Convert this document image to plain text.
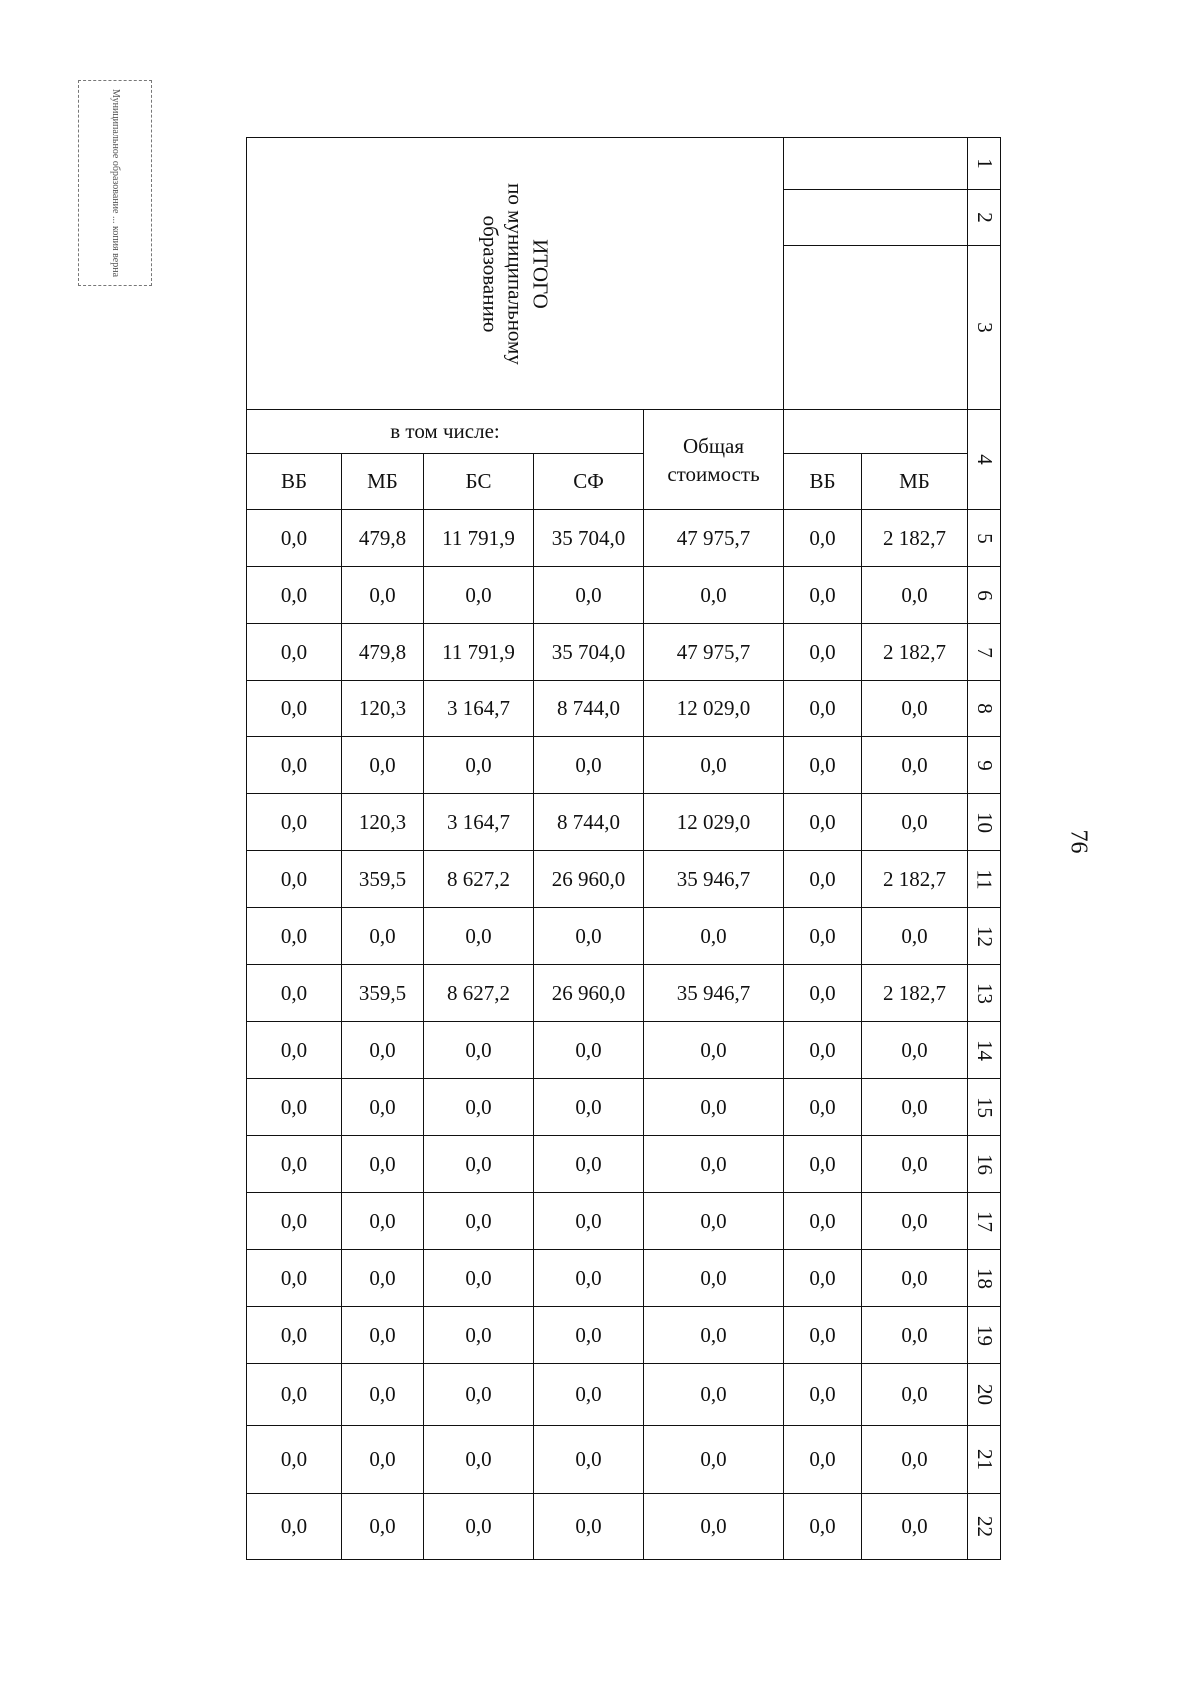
Муниципальное образование ... копия верна
76
ИТОГО
по муниципальному
образованию							1
							2
							3
в том числе:				Общая
стоимость			4
ВБ	МБ	БС	СФ		ВБ	МБ	
0,0	479,8	11 791,9	35 704,0	47 975,7	0,0	2 182,7	5
0,0	0,0	0,0	0,0	0,0	0,0	0,0	6
0,0	479,8	11 791,9	35 704,0	47 975,7	0,0	2 182,7	7
0,0	120,3	3 164,7	8 744,0	12 029,0	0,0	0,0	8
0,0	0,0	0,0	0,0	0,0	0,0	0,0	9
0,0	120,3	3 164,7	8 744,0	12 029,0	0,0	0,0	10
0,0	359,5	8 627,2	26 960,0	35 946,7	0,0	2 182,7	11
0,0	0,0	0,0	0,0	0,0	0,0	0,0	12
0,0	359,5	8 627,2	26 960,0	35 946,7	0,0	2 182,7	13
0,0	0,0	0,0	0,0	0,0	0,0	0,0	14
0,0	0,0	0,0	0,0	0,0	0,0	0,0	15
0,0	0,0	0,0	0,0	0,0	0,0	0,0	16
0,0	0,0	0,0	0,0	0,0	0,0	0,0	17
0,0	0,0	0,0	0,0	0,0	0,0	0,0	18
0,0	0,0	0,0	0,0	0,0	0,0	0,0	19
0,0	0,0	0,0	0,0	0,0	0,0	0,0	20
0,0	0,0	0,0	0,0	0,0	0,0	0,0	21
0,0	0,0	0,0	0,0	0,0	0,0	0,0	22
